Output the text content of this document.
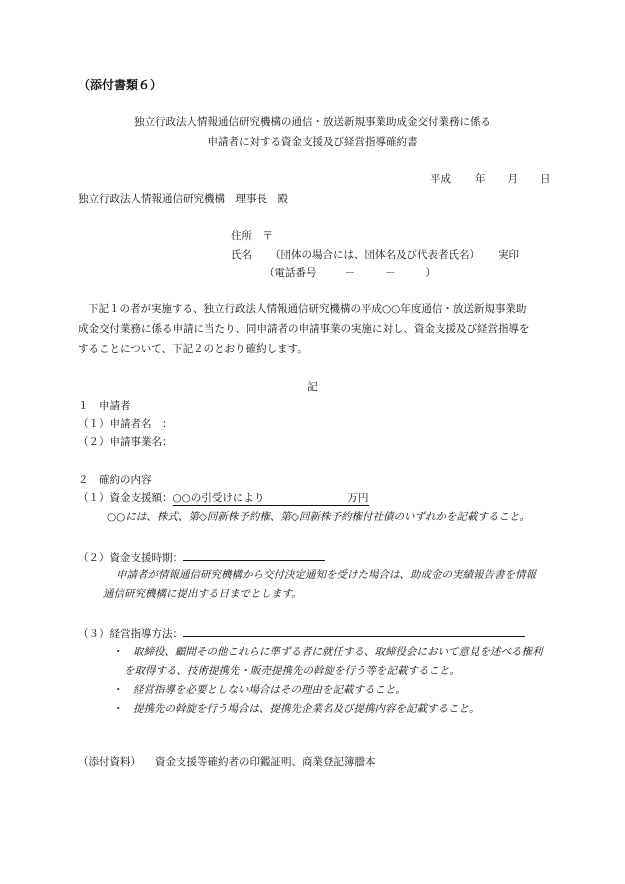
（添付書類６）
独立行政法人情報通信研究機構の通信・放送新規事業助成金交付業務に係る
申請者に対する資金支援及び経営指導確約書
平成 年 月 日
独立行政法人情報通信研究機構　理事長　殿
住所　〒
氏名 （団体の場合には、団体名及び代表者氏名） 実印
（電話番号	－	－	）
下記１の者が実施する、独立行政法人情報通信研究機構の平成○○年度通信・放送新規事業助
成金交付業務に係る申請に当たり、同申請者の申請事業の実施に対し、資金支援及び経営指導を
することについて、下記２のとおり確約します。
記
１　申請者
（１）申請者名　：
（２）申請事業名：
２　確約の内容
（１）資金支援額：○○の引受けにより	万円
○○には、株式、第◇回新株予約権、第◇回新株予約権付社債のいずれかを記載すること。
（２）資金支援時期：
申請者が情報通信研究機構から交付決定通知を受けた場合は、助成金の実績報告書を情報
通信研究機構に提出する日までとします。
（３）経営指導方法：
・　取締役、顧問その他これらに準ずる者に就任する、取締役会において意見を述べる権利
を取得する、技術提携先・販売提携先の斡旋を行う等を記載すること。
・　経営指導を必要としない場合はその理由を記載すること。
・　提携先の斡旋を行う場合は、提携先企業名及び提携内容を記載すること。
（添付資料） 資金支援等確約者の印鑑証明、商業登記簿謄本
